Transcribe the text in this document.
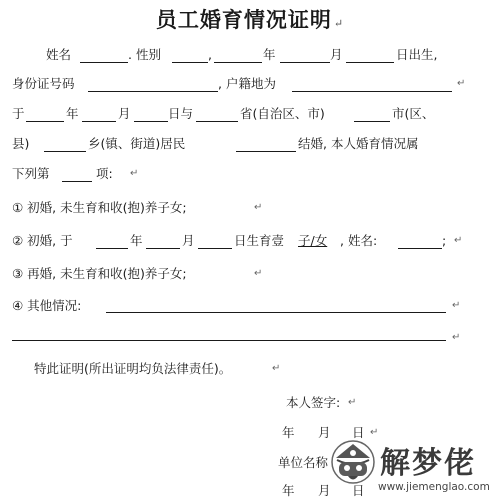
员工婚育情况证明 ↵
姓名	. 性别	,	年	月	日出生,
身份证号码	, 户籍地为	↵
于	年	月	日与	省(自治区、市)	市(区、
县)	乡(镇、街道)居民	结婚, 本人婚育情况属
下列第	项: ↵
① 初婚, 未生育和收(抱)养子女;	↵
② 初婚, 于	年	月	日生育壹 子/女 , 姓名:	; ↵
③ 再婚, 未生育和收(抱)养子女;	↵
④ 其他情况:	↵
↵
特此证明(所出证明均负法律责任)。	↵
本人签字: ↵
年 月 日 ↵
单位名称
年 月 日
解梦佬
www.jiemenglao.com
